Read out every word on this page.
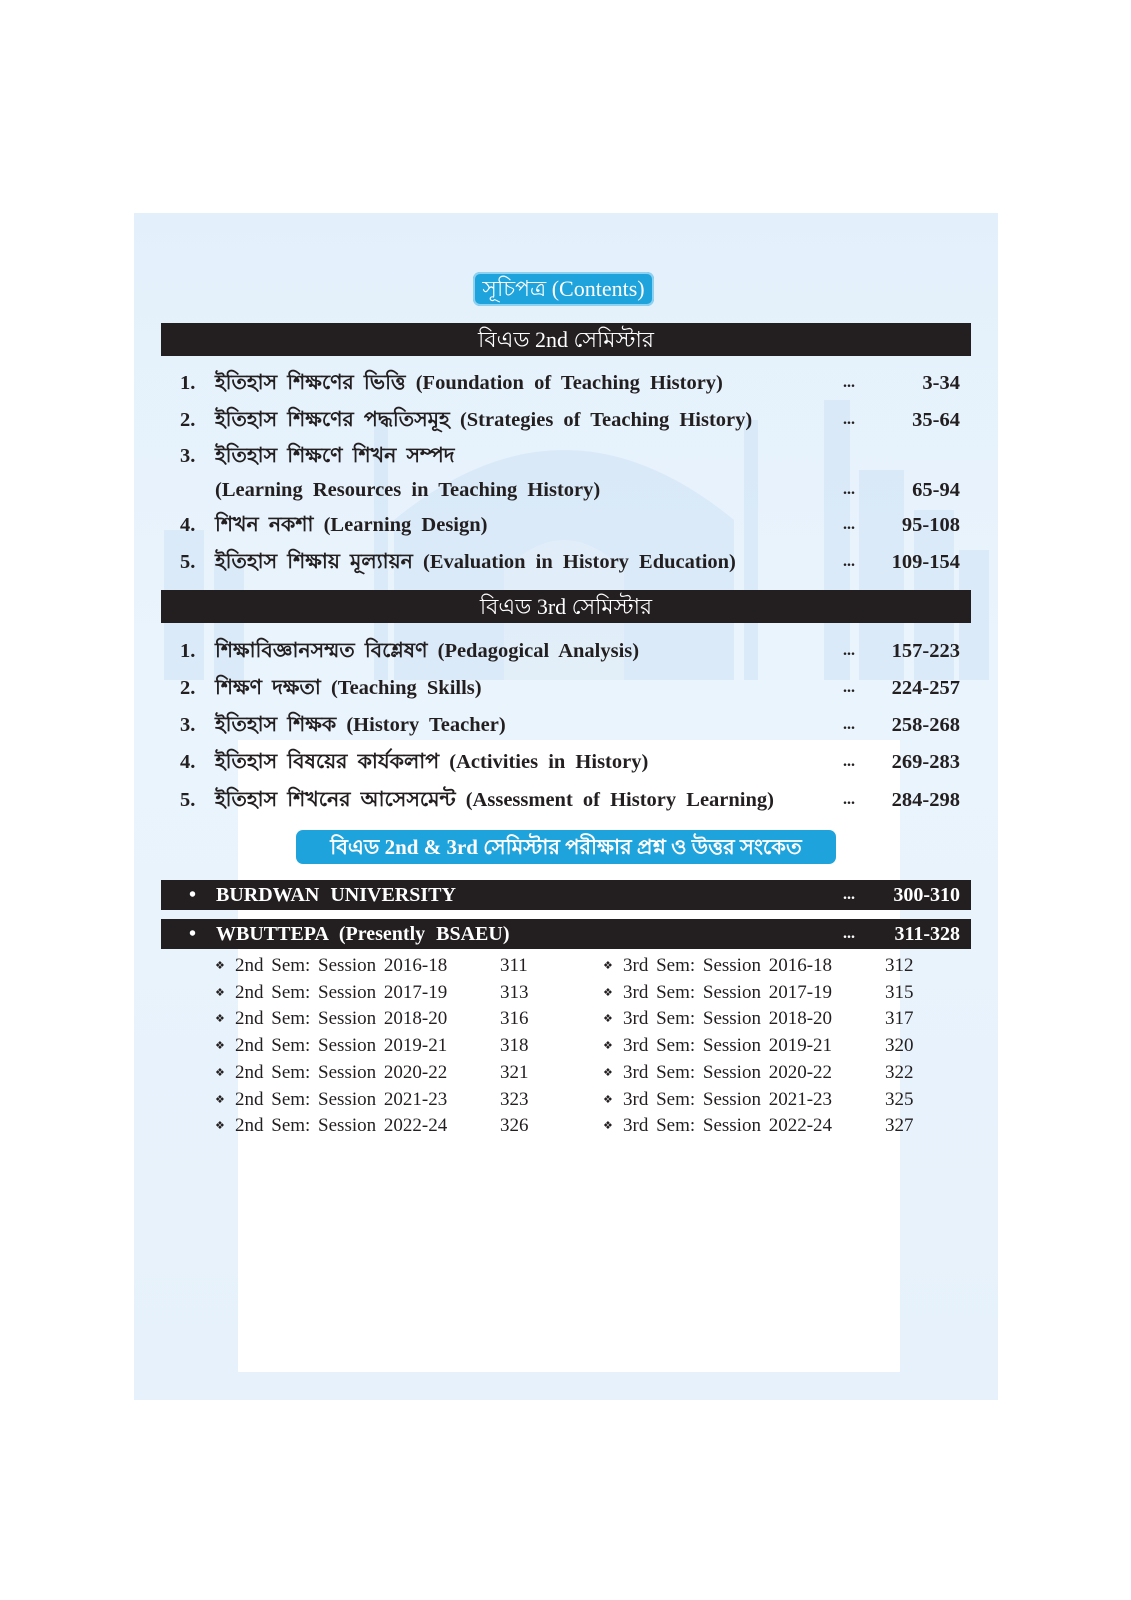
সূচিপত্র (Contents)
বিএড 2nd সেমিস্টার
1. ইতিহাস শিক্ষণের ভিত্তি (Foundation of Teaching History)	...	3-34
2. ইতিহাস শিক্ষণের পদ্ধতিসমূহ (Strategies of Teaching History)	...	35-64
3. ইতিহাস শিক্ষণে শিখন সম্পদ
(Learning Resources in Teaching History)	...	65-94
4. শিখন নকশা (Learning Design)	...	95-108
5. ইতিহাস শিক্ষায় মূল্যায়ন (Evaluation in History Education)	...	109-154
বিএড 3rd সেমিস্টার
1. শিক্ষাবিজ্ঞানসম্মত বিশ্লেষণ (Pedagogical Analysis)	...	157-223
2. শিক্ষণ দক্ষতা (Teaching Skills)	...	224-257
3. ইতিহাস শিক্ষক (History Teacher)	...	258-268
4. ইতিহাস বিষয়ের কার্যকলাপ (Activities in History)	...	269-283
5. ইতিহাস শিখনের আসেসমেন্ট (Assessment of History Learning)	...	284-298
বিএড 2nd & 3rd সেমিস্টার পরীক্ষার প্রশ্ন ও উত্তর সংকেত
• BURDWAN UNIVERSITY	... 300-310
• WBUTTEPA (Presently BSAEU)	... 311-328
❖ 2nd Sem: Session 2016-18	311
❖ 2nd Sem: Session 2017-19	313
❖ 2nd Sem: Session 2018-20	316
❖ 2nd Sem: Session 2019-21	318
❖ 2nd Sem: Session 2020-22	321
❖ 2nd Sem: Session 2021-23	323
❖ 2nd Sem: Session 2022-24	326
❖ 3rd Sem: Session 2016-18	312
❖ 3rd Sem: Session 2017-19	315
❖ 3rd Sem: Session 2018-20	317
❖ 3rd Sem: Session 2019-21	320
❖ 3rd Sem: Session 2020-22	322
❖ 3rd Sem: Session 2021-23	325
❖ 3rd Sem: Session 2022-24	327
